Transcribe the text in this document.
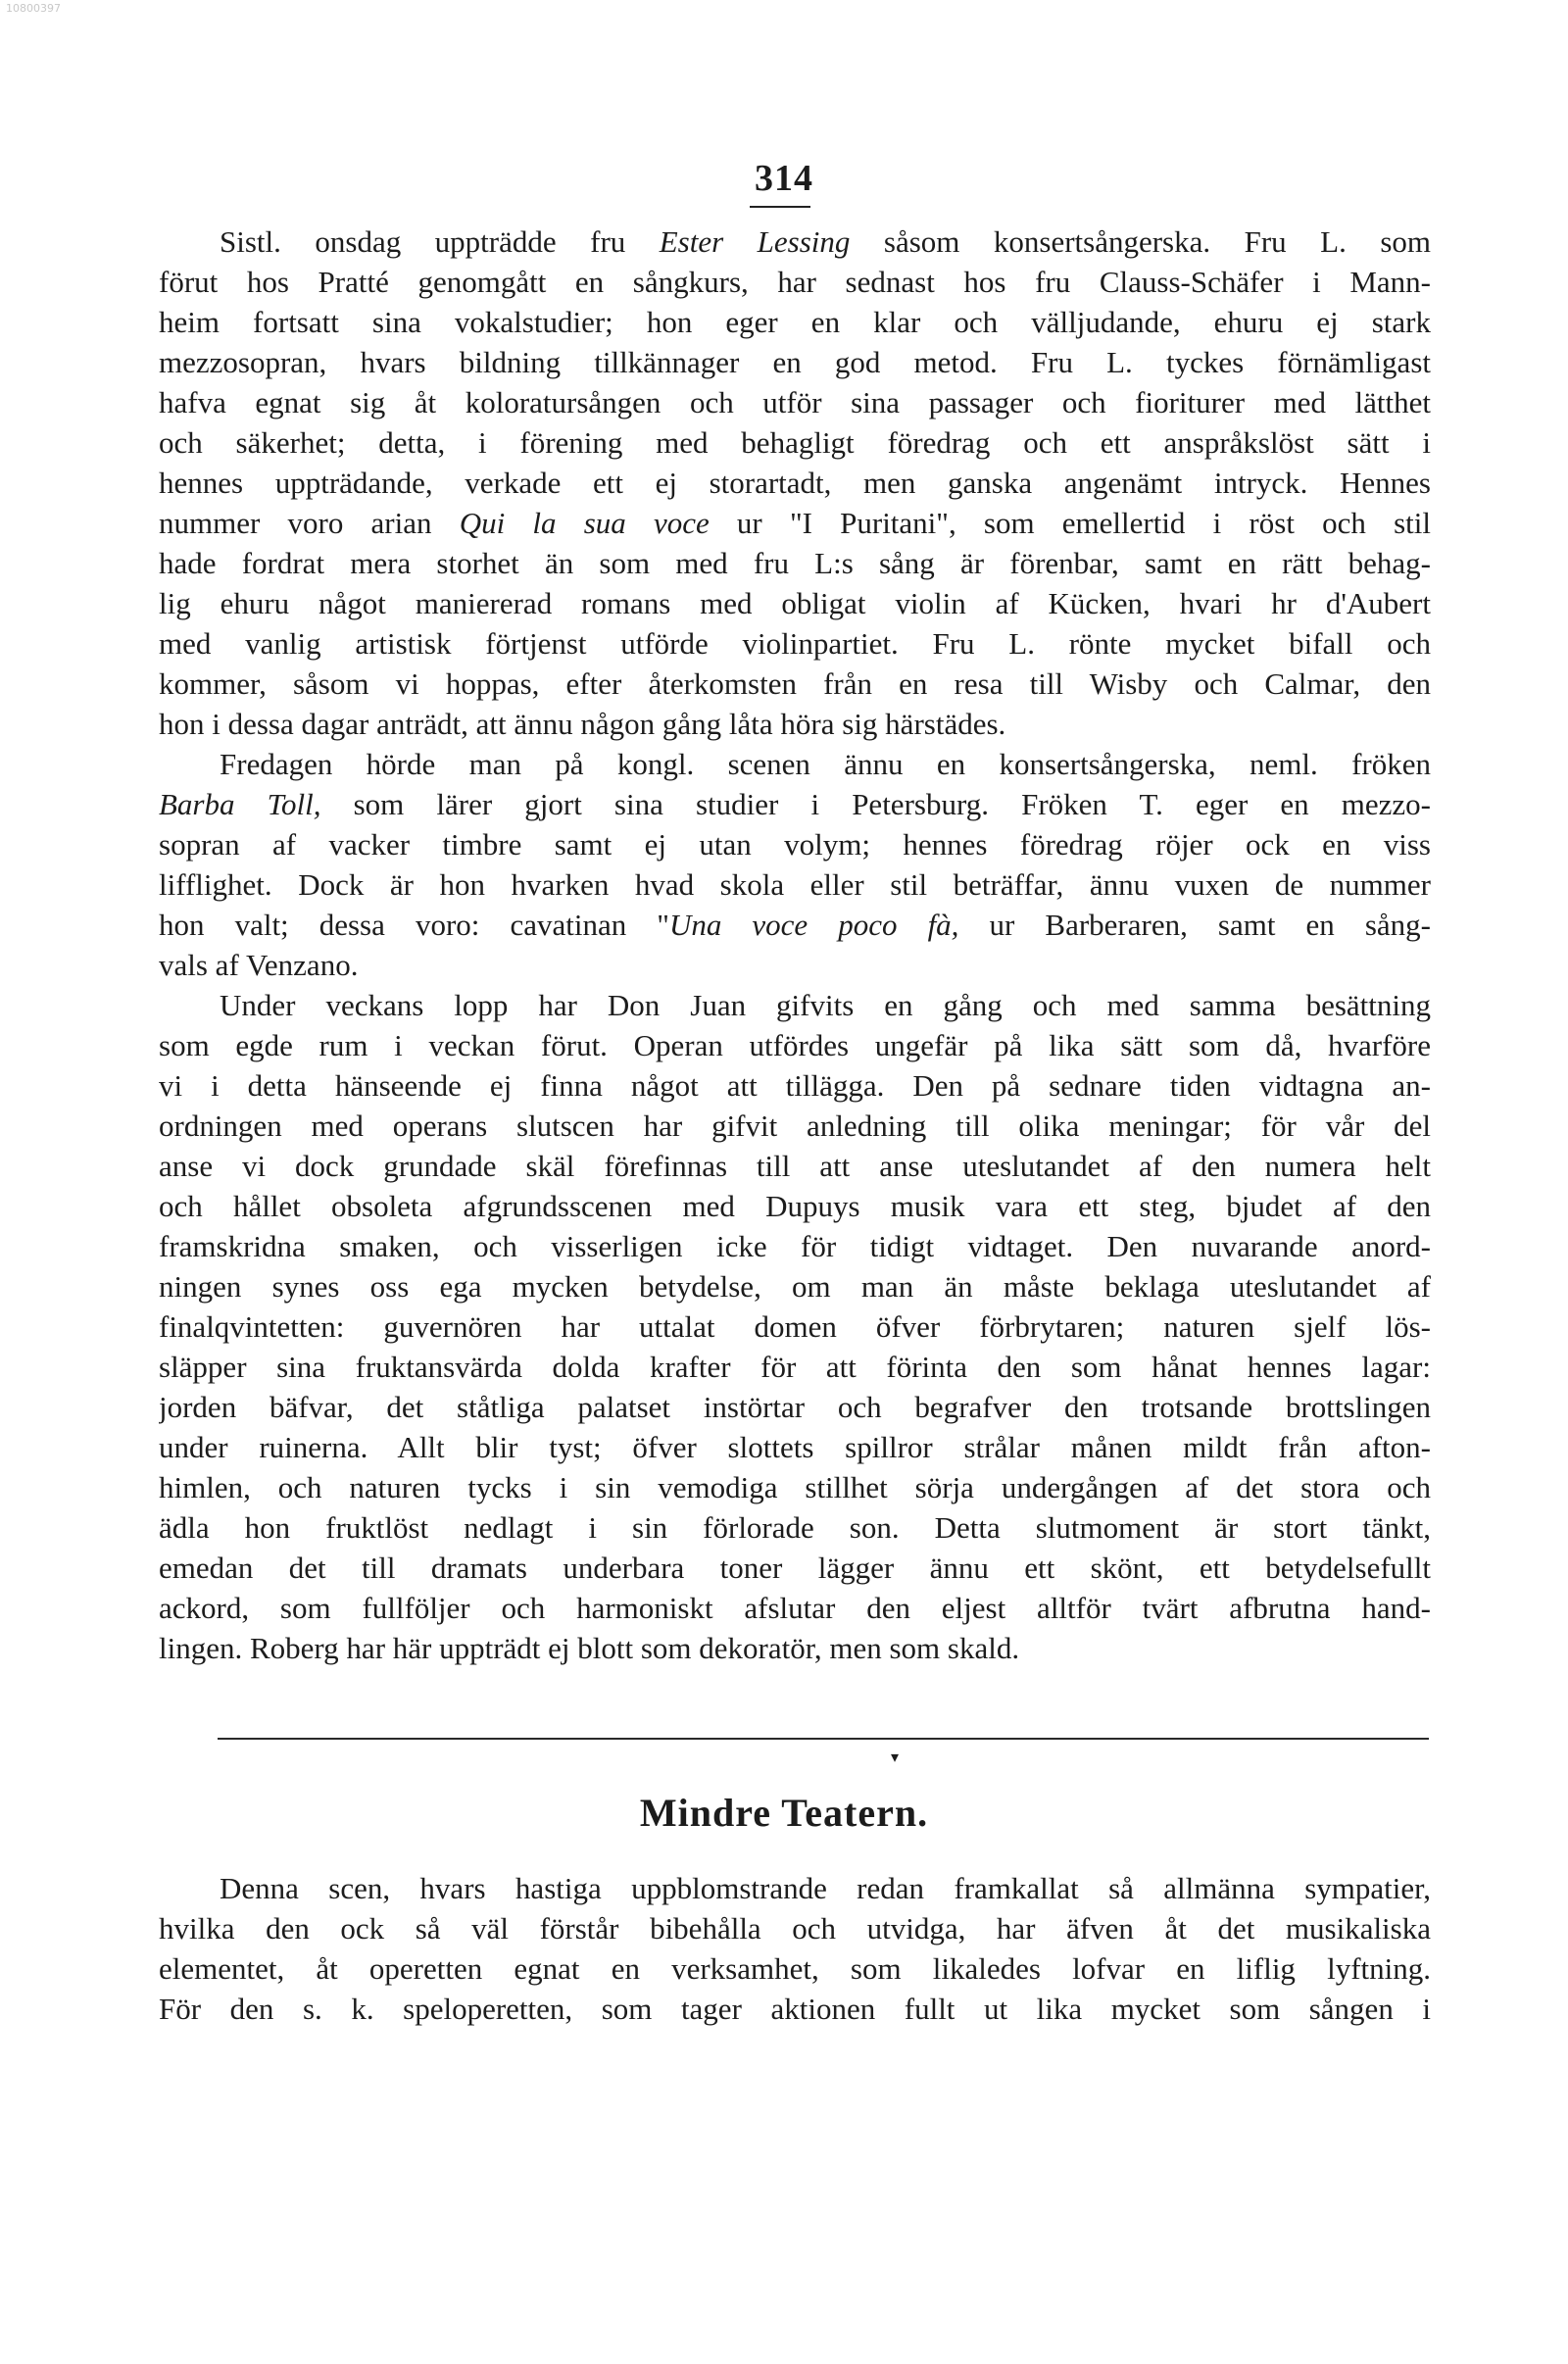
10800397
314
Sistl. onsdag uppträdde fru Ester Lessing såsom konsertsångerska. Fru L. som
förut hos Pratté genomgått en sångkurs, har sednast hos fru Clauss-Schäfer i Mann-
heim fortsatt sina vokalstudier; hon eger en klar och välljudande, ehuru ej stark
mezzosopran, hvars bildning tillkännager en god metod. Fru L. tyckes förnämligast
hafva egnat sig åt koloratursången och utför sina passager och fioriturer med lätthet
och säkerhet; detta, i förening med behagligt föredrag och ett anspråkslöst sätt i
hennes uppträdande, verkade ett ej storartadt, men ganska angenämt intryck. Hennes
nummer voro arian Qui la sua voce ur "I Puritani", som emellertid i röst och stil
hade fordrat mera storhet än som med fru L:s sång är förenbar, samt en rätt behag-
lig ehuru något maniererad romans med obligat violin af Kücken, hvari hr d'Aubert
med vanlig artistisk förtjenst utförde violinpartiet. Fru L. rönte mycket bifall och
kommer, såsom vi hoppas, efter återkomsten från en resa till Wisby och Calmar, den
hon i dessa dagar anträdt, att ännu någon gång låta höra sig härstädes.
Fredagen hörde man på kongl. scenen ännu en konsertsångerska, neml. fröken
Barba Toll, som lärer gjort sina studier i Petersburg. Fröken T. eger en mezzo-
sopran af vacker timbre samt ej utan volym; hennes föredrag röjer ock en viss
lifflighet. Dock är hon hvarken hvad skola eller stil beträffar, ännu vuxen de nummer
hon valt; dessa voro: cavatinan "Una voce poco fà, ur Barberaren, samt en sång-
vals af Venzano.
Under veckans lopp har Don Juan gifvits en gång och med samma besättning
som egde rum i veckan förut. Operan utfördes ungefär på lika sätt som då, hvarföre
vi i detta hänseende ej finna något att tillägga. Den på sednare tiden vidtagna an-
ordningen med operans slutscen har gifvit anledning till olika meningar; för vår del
anse vi dock grundade skäl förefinnas till att anse uteslutandet af den numera helt
och hållet obsoleta afgrundsscenen med Dupuys musik vara ett steg, bjudet af den
framskridna smaken, och visserligen icke för tidigt vidtaget. Den nuvarande anord-
ningen synes oss ega mycken betydelse, om man än måste beklaga uteslutandet af
finalqvintetten: guvernören har uttalat domen öfver förbrytaren; naturen sjelf lös-
släpper sina fruktansvärda dolda krafter för att förinta den som hånat hennes lagar:
jorden bäfvar, det ståtliga palatset instörtar och begrafver den trotsande brottslingen
under ruinerna. Allt blir tyst; öfver slottets spillror strålar månen mildt från afton-
himlen, och naturen tycks i sin vemodiga stillhet sörja undergången af det stora och
ädla hon fruktlöst nedlagt i sin förlorade son. Detta slutmoment är stort tänkt,
emedan det till dramats underbara toner lägger ännu ett skönt, ett betydelsefullt
ackord, som fullföljer och harmoniskt afslutar den eljest alltför tvärt afbrutna hand-
lingen. Roberg har här uppträdt ej blott som dekoratör, men som skald.
▾
Mindre Teatern.
Denna scen, hvars hastiga uppblomstrande redan framkallat så allmänna sympatier,
hvilka den ock så väl förstår bibehålla och utvidga, har äfven åt det musikaliska
elementet, åt operetten egnat en verksamhet, som likaledes lofvar en liflig lyftning.
För den s. k. speloperetten, som tager aktionen fullt ut lika mycket som sången i
